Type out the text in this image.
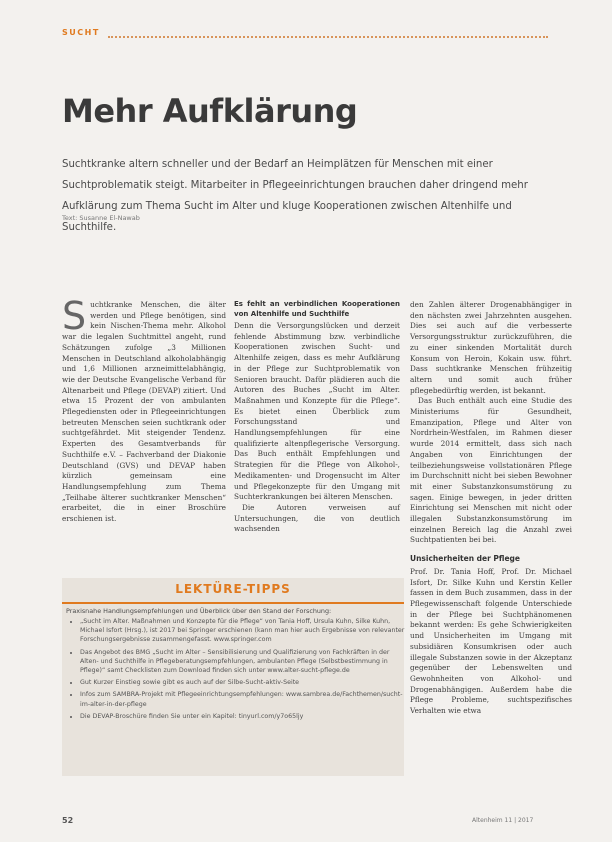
SUCHT
Mehr Aufklärung

Suchtkranke altern schneller und der Bedarf an Heimplätzen für Menschen mit einer Suchtproblematik steigt. Mitarbeiter in Pflegeeinrichtungen brauchen daher dringend mehr Aufklärung zum Thema Sucht im Alter und kluge Kooperationen zwischen Altenhilfe und Suchthilfe.

Text: Susanne El-Nawab
S uchtkranke Menschen, die älter werden und Pflege benötigen, sind kein Nischen-Thema mehr. Alkohol war die legalen Suchtmittel angeht, rund Schätzungen zufolge „3 Millionen Menschen in Deutschland alkoholabhängig und 1,6 Millionen arzneimittelabhängig, wie der Deutsche Evangelische Verband für Altenarbeit und Pflege (DEVAP) zitiert. Und etwa 15 Prozent der von ambulanten Pflegediensten oder in Pflegeeinrichtungen betreuten Menschen seien suchtkrank oder suchtgefährdet. Mit steigender Tendenz. Experten des Gesamtverbands für Suchthilfe e.V. – Fachverband der Diakonie Deutschland (GVS) und DEVAP haben kürzlich gemeinsam eine Handlungsempfehlung zum Thema „Teilhabe älterer suchtkranker Menschen“ erarbeitet, die in einer Broschüre erschienen ist.

Es fehlt an verbindlichen Kooperationen von Altenhilfe und Suchthilfe

Denn die Versorgungslücken und derzeit fehlende Abstimmung bzw. verbindliche Kooperationen zwischen Sucht- und Altenhilfe zeigen, dass es mehr Aufklärung in der Pflege zur Suchtproblematik von Senioren braucht. Dafür plädieren auch die Autoren des Buches „Sucht im Alter. Maßnahmen und Konzepte für die Pflege“. Es bietet einen Überblick zum Forschungsstand und Handlungsempfehlungen für eine qualifizierte altenpflegerische Versorgung. Das Buch enthält Empfehlungen und Strategien für die Pflege von Alkohol-, Medikamenten- und Drogensucht im Alter und Pflegekonzepte für den Umgang mit Suchterkrankungen bei älteren Menschen.

Die Autoren verweisen auf Untersuchungen, die von deutlich wachsenden

den Zahlen älterer Drogenabhängiger in den nächsten zwei Jahrzehnten ausgehen. Dies sei auch auf die verbesserte Versorgungsstruktur zurückzuführen, die zu einer sinkenden Mortalität durch Konsum von Heroin, Kokain usw. führt. Dass suchtkranke Menschen frühzeitig altern und somit auch früher pflegebedürftig werden, ist bekannt.

Das Buch enthält auch eine Studie des Ministeriums für Gesundheit, Emanzipation, Pflege und Alter von Nordrhein-Westfalen, im Rahmen dieser wurde 2014 ermittelt, dass sich nach Angaben von Einrichtungen der teilbeziehungsweise vollstationären Pflege im Durchschnitt nicht bei sieben Bewohner mit einer Substanzkonsumstörung zu sagen. Einige bewegen, in jeder dritten Einrichtung sei Menschen mit nicht oder illegalen Substanzkonsumstörung im einzelnen Bereich lag die Anzahl zwei Suchtpatienten bei bei.

Unsicherheiten der Pflege

Prof. Dr. Tania Hoff, Prof. Dr. Michael Isfort, Dr. Silke Kuhn und Kerstin Keller fassen in dem Buch zusammen, dass in der Pflegewissenschaft folgende Unterschiede in der Pflege bei Suchtphänomenen bekannt werden: Es gehe Schwierigkeiten und Unsicherheiten im Umgang mit subsidiären Konsumkrisen oder auch illegale Substanzen sowie in der Akzeptanz gegenüber der Lebenswelten und Gewohnheiten von Alkohol- und Drogenabhängigen. Außerdem habe die Pflege Probleme, suchtspezifisches Verhalten wie etwa

LEKTÜRE-TIPPS
Praxisnahe Handlungsempfehlungen und Überblick über den Stand der Forschung:
• „Sucht im Alter. Maßnahmen und Konzepte für die Pflege“ von Tania Hoff, Ursula Kuhn, Silke Kuhn, Michael Isfort (Hrsg.), ist 2017 bei Springer erschienen (kann man hier auch Ergebnisse von relevanter Forschungsergebnisse zusammengefasst. www.springer.com
• Das Angebot des BMG „Sucht im Alter – Sensibilisierung und Qualifizierung von Fachkräften in der Alten- und Suchthilfe in Pflegeberatungsempfehlungen, ambulanten Pflege (Selbstbestimmung in Pflege)“ samt Checklisten zum Download finden sich unter www.alter-sucht-pflege.de
• Gut Kurzer Einstieg sowie gibt es auch auf der Silbe-Sucht-aktiv-Seite
• Infos zum SAMBRA-Projekt mit Pflegeeinrichtungsempfehlungen: www.sambrea.de/Fachthemen/sucht-im-alter-in-der-pflege
• Die DEVAP-Broschüre finden Sie unter ein Kapitel: tinyurl.com/y7o65ljy
52	Altenheim 11 | 2017
